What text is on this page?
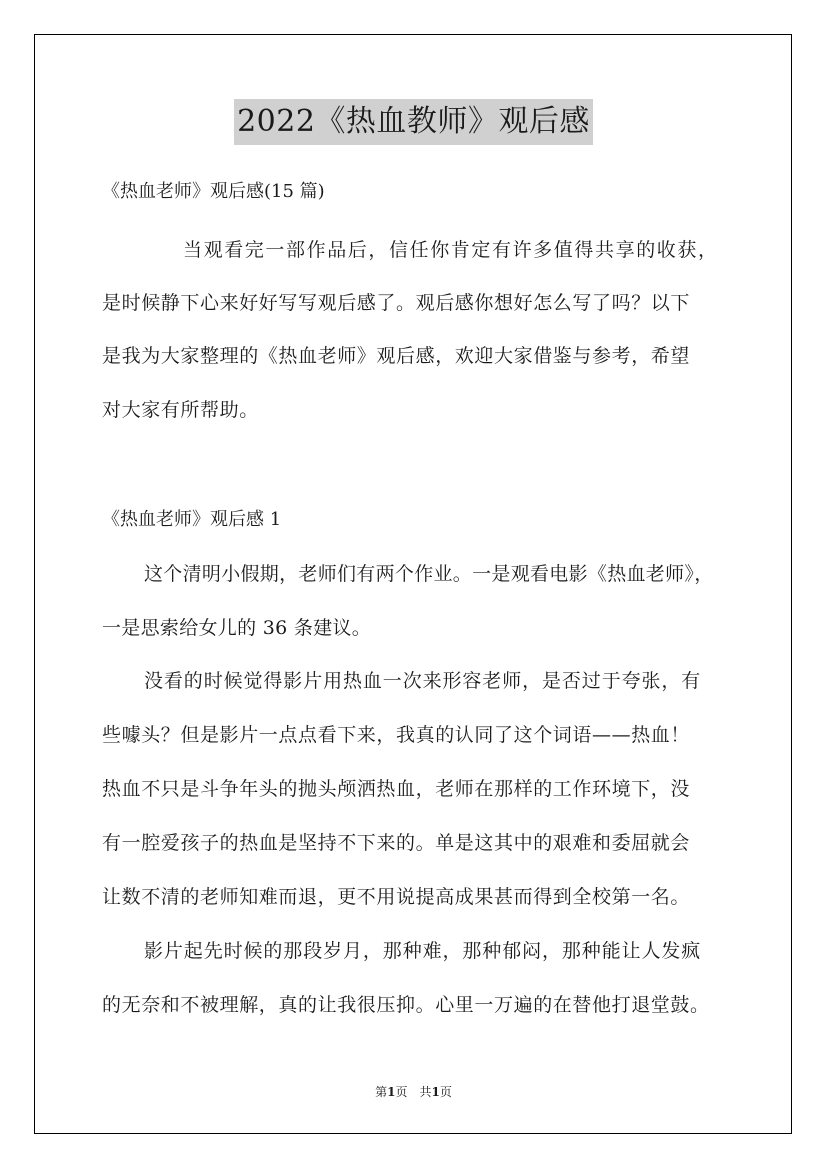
2022《热血教师》观后感
《热血老师》观后感(15 篇)
当观看完一部作品后，信任你肯定有许多值得共享的收获，
是时候静下心来好好写写观后感了。观后感你想好怎么写了吗？以下
是我为大家整理的《热血老师》观后感，欢迎大家借鉴与参考，希望
对大家有所帮助。
《热血老师》观后感 1
这个清明小假期，老师们有两个作业。一是观看电影《热血老师》，
一是思索给女儿的 36 条建议。
没看的时候觉得影片用热血一次来形容老师，是否过于夸张，有
些噱头？但是影片一点点看下来，我真的认同了这个词语——热血！
热血不只是斗争年头的抛头颅洒热血，老师在那样的工作环境下，没
有一腔爱孩子的热血是坚持不下来的。单是这其中的艰难和委屈就会
让数不清的老师知难而退，更不用说提高成果甚而得到全校第一名。
影片起先时候的那段岁月，那种难，那种郁闷，那种能让人发疯
的无奈和不被理解，真的让我很压抑。心里一万遍的在替他打退堂鼓。
第1页　共1页
